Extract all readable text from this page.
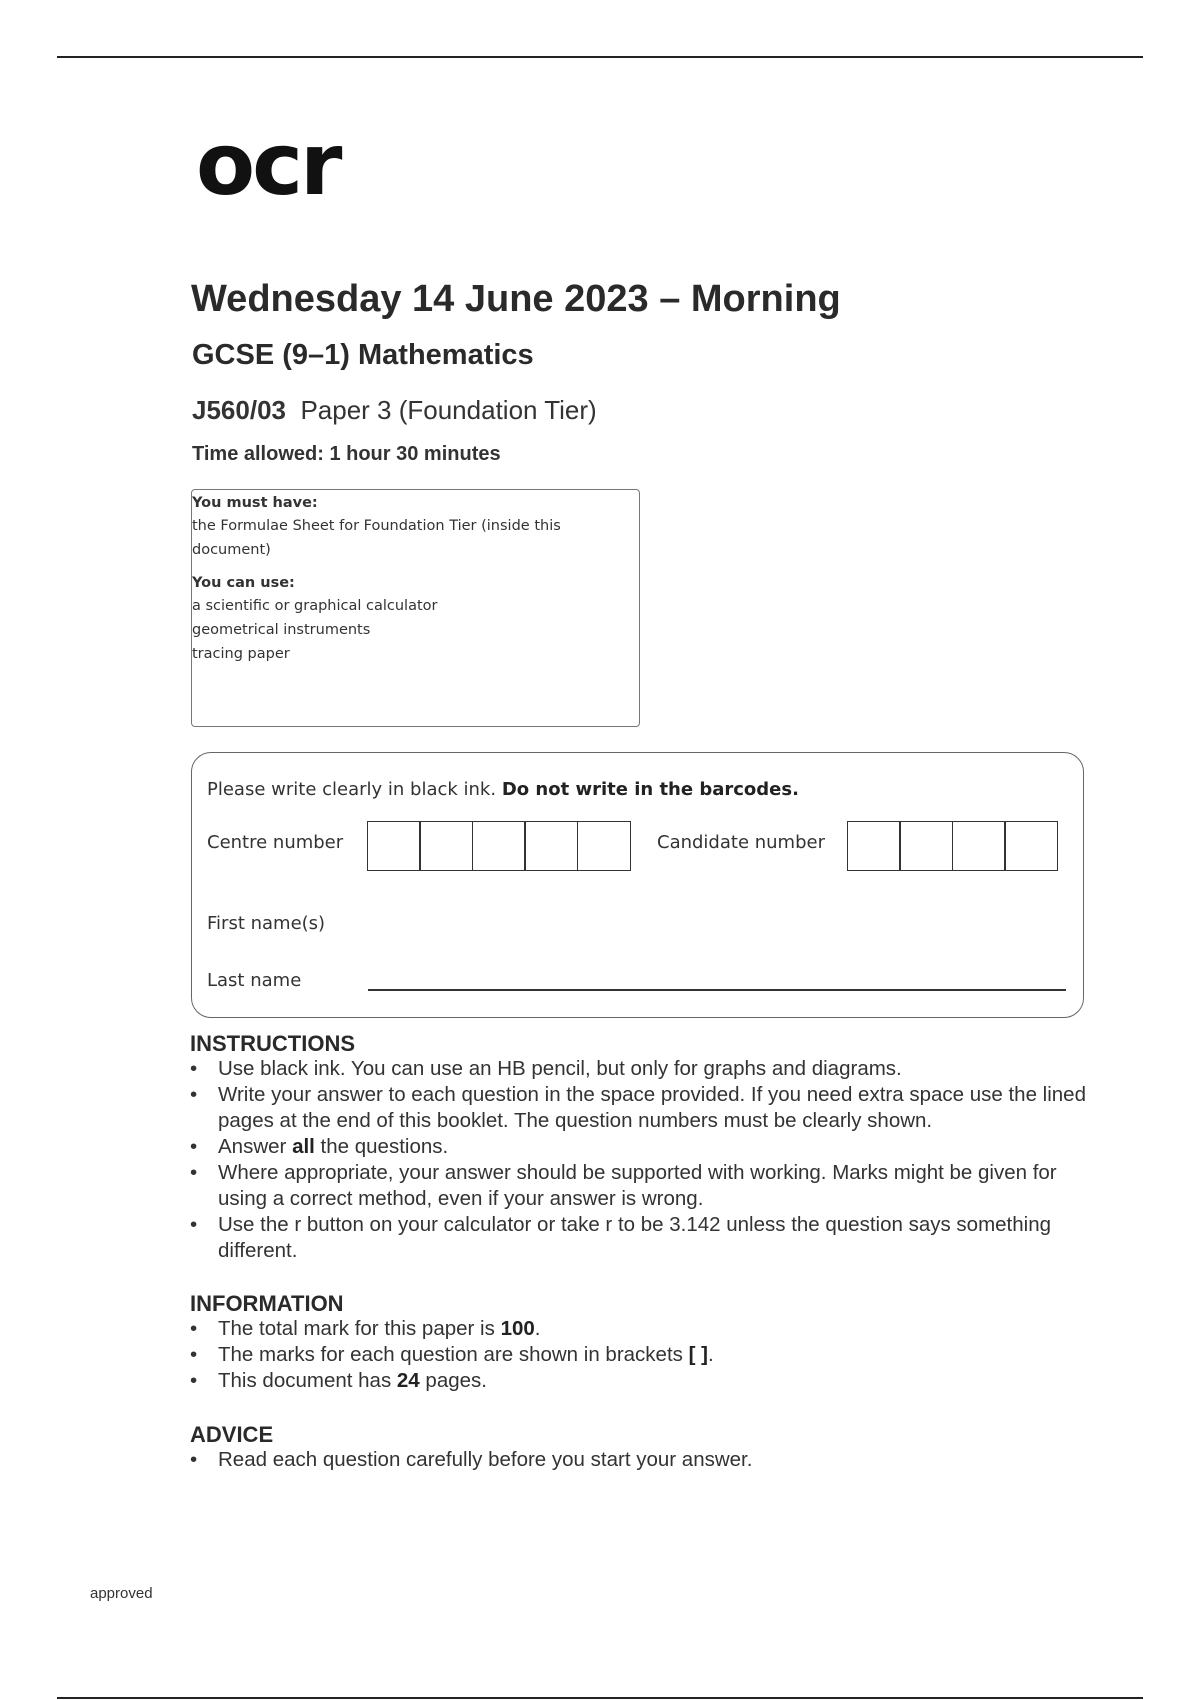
ocr
Wednesday 14 June 2023 – Morning
GCSE (9–1) Mathematics
J560/03 Paper 3 (Foundation Tier)
Time allowed: 1 hour 30 minutes

You must have:

the Formulae Sheet for Foundation Tier (inside this document)

You can use:

a scientific or graphical calculator

geometrical instruments

tracing paper

Please write clearly in black ink. Do not write in the barcodes.
Centre number	Candidate number
First name(s)
Last name
INSTRUCTIONS
• Use black ink. You can use an HB pencil, but only for graphs and diagrams.
• Write your answer to each question in the space provided. If you need extra space use the lined pages at the end of this booklet. The question numbers must be clearly shown.
• Answer all the questions.
• Where appropriate, your answer should be supported with working. Marks might be given for using a correct method, even if your answer is wrong.
• Use the r button on your calculator or take r to be 3.142 unless the question says something different.
INFORMATION
• The total mark for this paper is 100.
• The marks for each question are shown in brackets [ ].
• This document has 24 pages.
ADVICE
• Read each question carefully before you start your answer.
approved
